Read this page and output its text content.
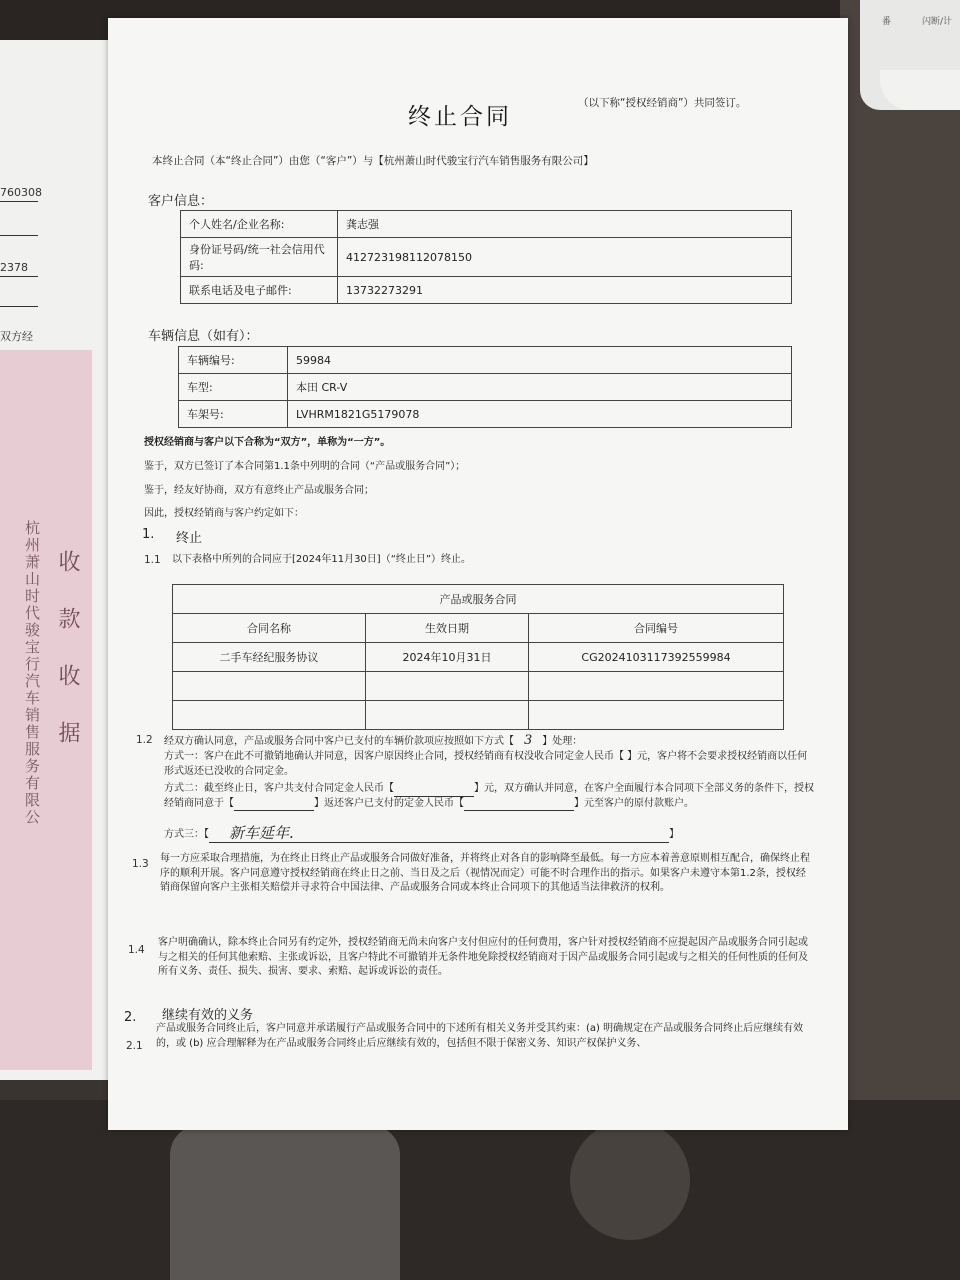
番	闪断/计
760308
2378
双方经
杭州萧山时代骏宝行汽车销售服务有限公 收 款 收 据
终止合同
（以下称“授权经销商”）共同签订。
本终止合同（本“终止合同”）由您（“客户”）与【杭州萧山时代骏宝行汽车销售服务有限公司】
客户信息：
个人姓名/企业名称:	龚志强
身份证号码/统一社会信用代码:	412723198112078150
联系电话及电子邮件:	13732273291
车辆信息（如有）：
车辆编号:	59984
车型:	本田 CR-V
车架号:	LVHRM1821G5179078
授权经销商与客户以下合称为“双方”，单称为“一方”。
鉴于，双方已签订了本合同第1.1条中列明的合同（“产品或服务合同”）；
鉴于，经友好协商，双方有意终止产品或服务合同；
因此，授权经销商与客户约定如下：
1. 终止
1.1 以下表格中所列的合同应于[2024年11月30日]（“终止日”）终止。
产品或服务合同		
合同名称	生效日期	合同编号
二手车经纪服务协议	2024年10月31日	CG2024103117392559984

1.2 经双方确认同意，产品或服务合同中客户已支付的车辆价款项应按照如下方式【 3 】处理：
方式一：客户在此不可撤销地确认并同意，因客户原因终止合同，授权经销商有权没收合同定金人民币【 】元，客户将不会要求授权经销商以任何形式返还已没收的合同定金。
方式二：截至终止日，客户共支付合同定金人民币【	】元，双方确认并同意，在客户全面履行本合同项下全部义务的条件下，授权经销商同意于【	】返还客户已支付的定金人民币【	】元至客户的原付款账户。
方式三：【 新车延年.	】
1.3 每一方应采取合理措施，为在终止日终止产品或服务合同做好准备，并将终止对各自的影响降至最低。每一方应本着善意原则相互配合，确保终止程序的顺利开展。客户同意遵守授权经销商在终止日之前、当日及之后（视情况而定）可能不时合理作出的指示。如果客户未遵守本第1.2条，授权经销商保留向客户主张相关赔偿并寻求符合中国法律、产品或服务合同或本终止合同项下的其他适当法律救济的权利。
1.4
客户明确确认，除本终止合同另有约定外，授权经销商无尚未向客户支付但应付的任何费用，客户针对授权经销商不应提起因产品或服务合同引起或与之相关的任何其他索赔、主张或诉讼，且客户特此不可撤销并无条件地免除授权经销商对于因产品或服务合同引起或与之相关的任何性质的任何及所有义务、责任、损失、损害、要求、索赔、起诉或诉讼的责任。
2. 继续有效的义务
2.1
产品或服务合同终止后，客户同意并承诺履行产品或服务合同中的下述所有相关义务并受其约束：(a) 明确规定在产品或服务合同终止后应继续有效的，或 (b) 应合理解释为在产品或服务合同终止后应继续有效的，包括但不限于保密义务、知识产权保护义务、
